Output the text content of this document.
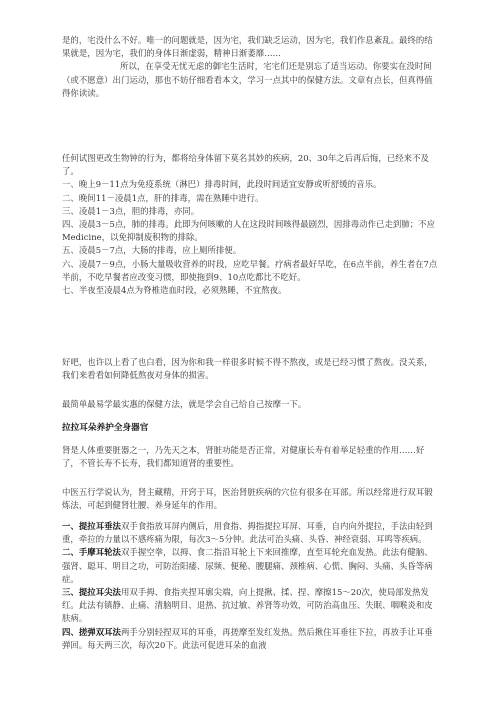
是的，宅没什么不好。唯一的问题就是，因为宅，我们缺乏运动，因为宅，我们作息紊乱。最终的结果就是，因为宅，我们的身体日渐虚弱，精神日渐萎靡……

所以，在享受无忧无虑的御宅生活时，宅宅们还是别忘了适当运动。你要实在没时间（或不愿意）出门运动，那也不妨仔细看看本文，学习一点其中的保健方法。文章有点长，但真得值得你读读。

任何试图更改生物钟的行为，都将给身体留下莫名其妙的疾病，20、30年之后再后悔，已经来不及了。

一、晚上9－11点为免疫系统（淋巴）排毒时间，此段时间适宜安静或听舒缓的音乐。

二、晚间11－凌晨1点，肝的排毒，需在熟睡中进行。

三、凌晨1－3点，胆的排毒，亦同。

四、凌晨3－5点，肺的排毒。此即为何咳嗽的人在这段时间咳得最剧烈，因排毒动作已走到肺；不应Medicine，以免抑制废积物的排除。

五、凌晨5－7点，大肠的排毒，应上厕所排便。

六、凌晨7－9点，小肠大量吸收营养的时段，应吃早餐。疗病者最好早吃，在6点半前，养生者在7点半前，不吃早餐者应改变习惯，即使拖到9、10点吃都比不吃好。

七、半夜至凌晨4点为脊椎造血时段，必须熟睡，不宜熬夜。

好吧，也许以上看了也白看，因为你和我一样很多时候不得不熬夜，或是已经习惯了熬夜。没关系，我们来看看如何降低熬夜对身体的损害。

最简单最易学最实惠的保健方法，就是学会自己给自己按摩一下。

拉拉耳朵养护全身器官

肾是人体重要脏器之一，乃先天之本，肾脏功能是否正常，对健康长寿有着举足轻重的作用……好了，不管长寿不长寿，我们都知道肾的重要性。

中医五行学说认为，肾主藏精，开窍于耳，医治肾脏疾病的穴位有很多在耳部。所以经常进行双耳锻炼法，可起到健肾壮腰、养身延年的作用。

一、提拉耳垂法双手食指放耳屏内侧后，用食指、拇指提拉耳屏、耳垂，自内向外提拉，手法由轻到重，牵拉的力量以不感疼痛为限，每次3～5分钟。此法可治头痛、头昏、神经衰弱、耳鸣等疾病。

二、手摩耳轮法双手握空拳，以拇、食二指沿耳轮上下来回推摩，直至耳轮充血发热。此法有健脑、强肾、聪耳、明目之功，可防治阳痿、尿频、便秘、腰腿痛、颈椎病、心慌、胸闷、头痛、头昏等病症。

三、提拉耳尖法用双手拇、食指夹捏耳廓尖端，向上提揪、揉、捏、摩擦15～20次，使局部发热发红。此法有镇静、止痛、清脑明目、退热、抗过敏、养肾等功效，可防治高血压、失眠、咽喉炎和皮肤病。

四、搓弹双耳法两手分别轻捏双耳的耳垂，再搓摩至发红发热。然后揪住耳垂往下拉，再放手让耳垂弹回。每天两三次，每次20下。此法可促进耳朵的血液
